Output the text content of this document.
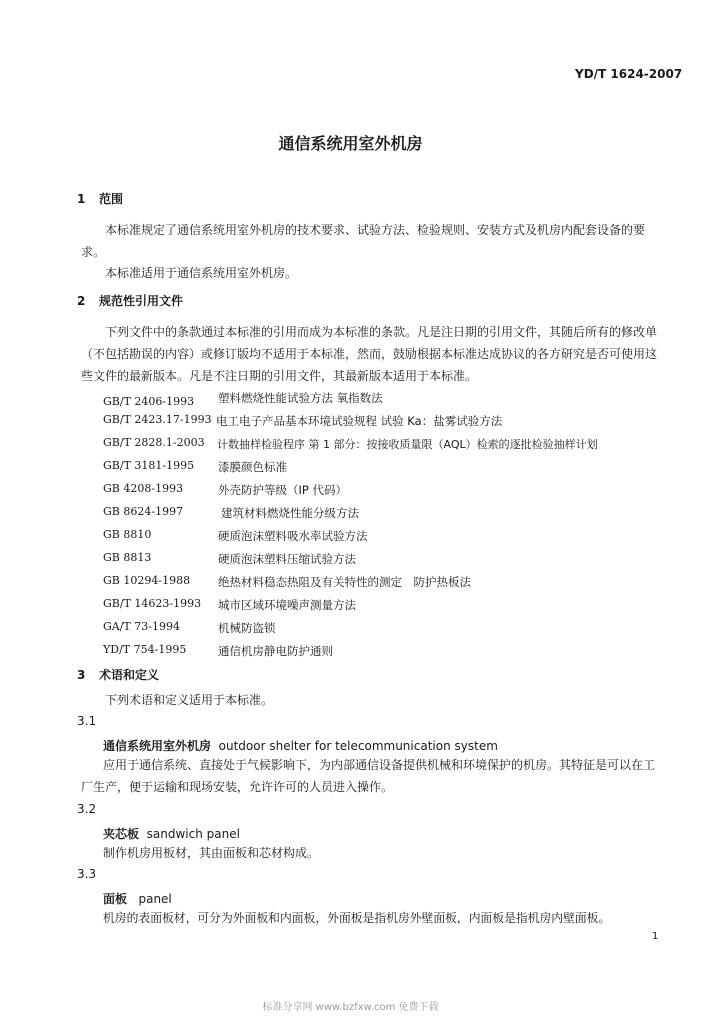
YD/T 1624-2007
通信系统用室外机房
1 范围
本标准规定了通信系统用室外机房的技术要求、试验方法、检验规则、安装方式及机房内配套设备的要求。
本标准适用于通信系统用室外机房。
2 规范性引用文件
下列文件中的条款通过本标准的引用而成为本标准的条款。凡是注日期的引用文件，其随后所有的修改单（不包括勘误的内容）或修订版均不适用于本标准，然而，鼓励根据本标准达成协议的各方研究是否可使用这些文件的最新版本。凡是不注日期的引用文件，其最新版本适用于本标准。
GB/T 2406-1993 塑料燃烧性能试验方法 氧指数法
GB/T 2423.17-1993 电工电子产品基本环境试验规程 试验 Ka：盐雾试验方法
GB/T 2828.1-2003 计数抽样检验程序 第 1 部分：按接收质量限（AQL）检索的逐批检验抽样计划
GB/T 3181-1995 漆膜颜色标准
GB 4208-1993	外壳防护等级（IP 代码）
GB 8624-1997	建筑材料燃烧性能分级方法
GB 8810	硬质泡沫塑料吸水率试验方法
GB 8813	硬质泡沫塑料压缩试验方法
GB 10294-1988 绝热材料稳态热阻及有关特性的测定　防护热板法
GB/T 14623-1993 城市区域环境噪声测量方法
GA/T 73-1994	机械防盗锁
YD/T 754-1995	通信机房静电防护通则
3 术语和定义
下列术语和定义适用于本标准。
3.1
通信系统用室外机房 outdoor shelter for telecommunication system
应用于通信系统、直接处于气候影响下，为内部通信设备提供机械和环境保护的机房。其特征是可以在工厂生产，便于运输和现场安装，允许许可的人员进入操作。
3.2
夹芯板 sandwich panel
制作机房用板材，其由面板和芯材构成。
3.3
面板 panel
机房的表面板材，可分为外面板和内面板，外面板是指机房外壁面板，内面板是指机房内壁面板。
1
标准分享网 www.bzfxw.com 免费下载
